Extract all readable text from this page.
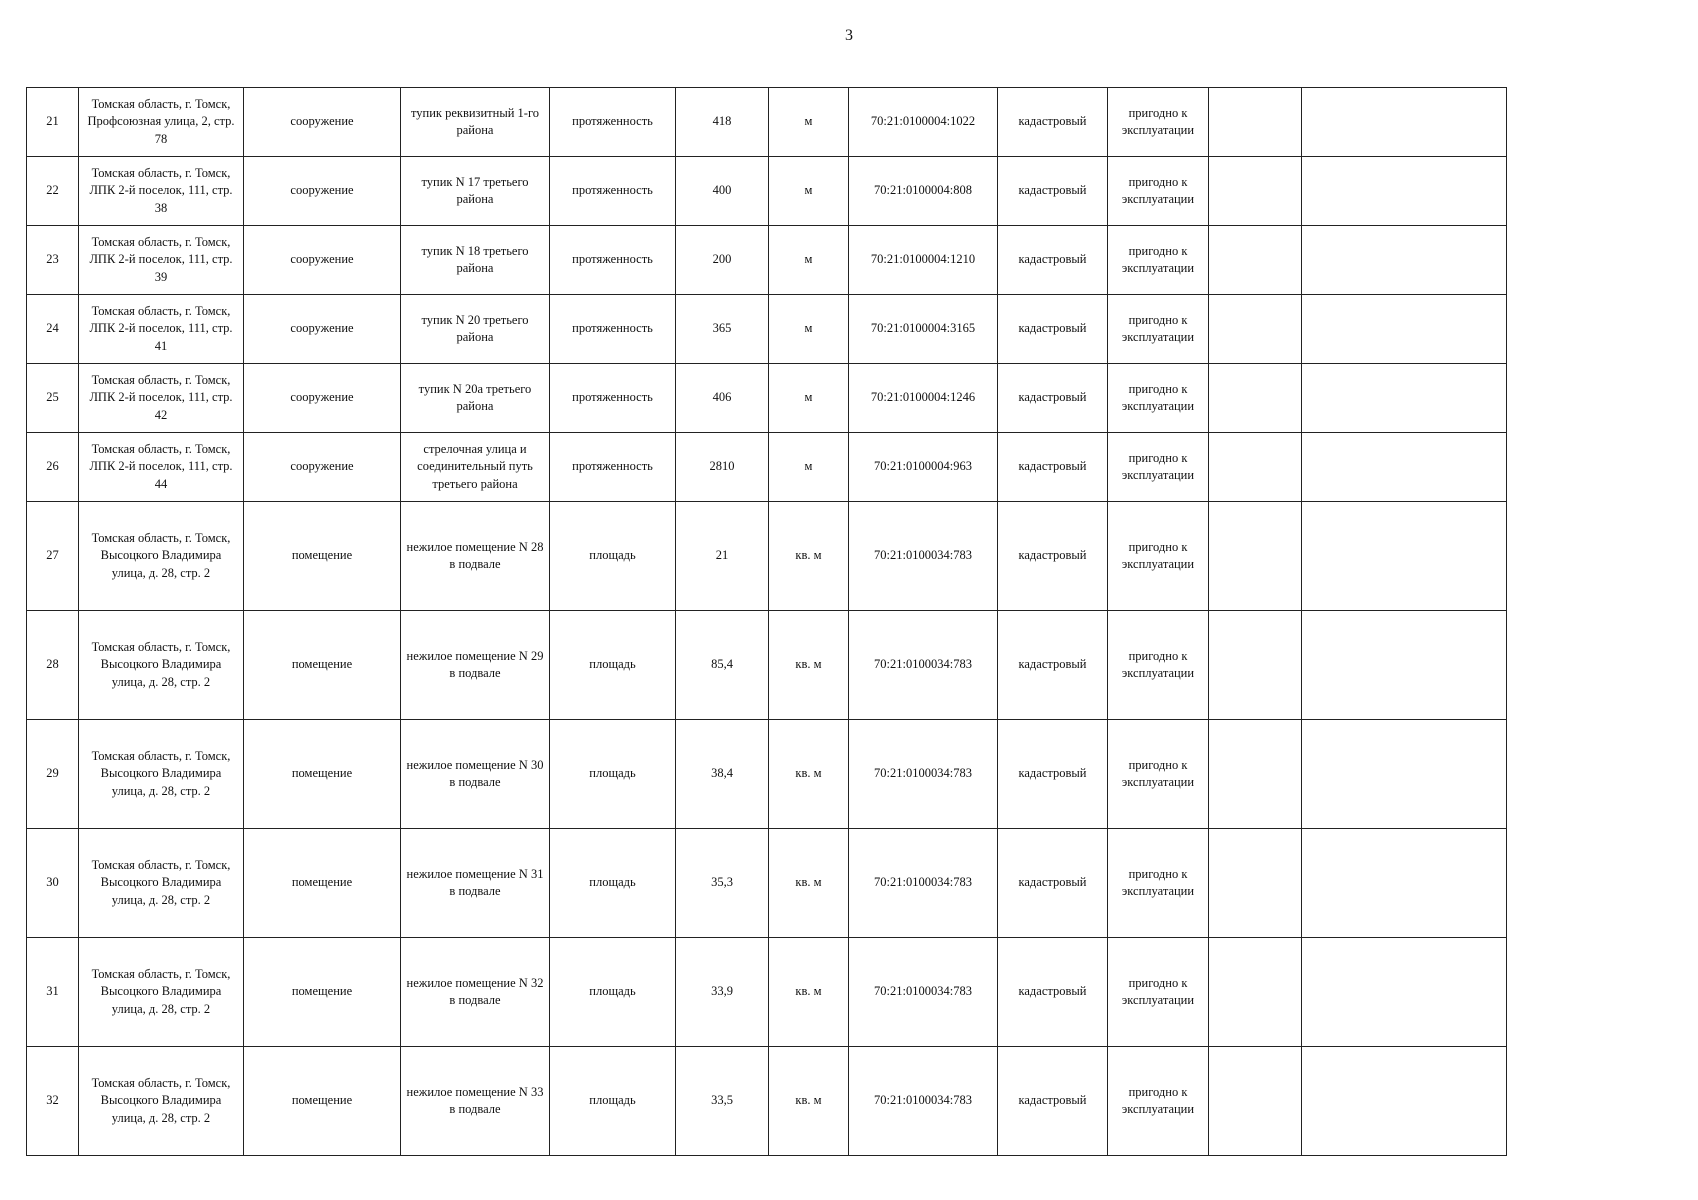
3
21	Томская область, г. Томск, Профсоюзная улица, 2, стр. 78	сооружение	тупик реквизитный 1-го района	протяженность	418	м	70:21:0100004:1022	кадастровый	пригодно к эксплуатации		
22	Томская область, г. Томск, ЛПК 2-й поселок, 111, стр. 38	сооружение	тупик N 17 третьего района	протяженность	400	м	70:21:0100004:808	кадастровый	пригодно к эксплуатации		
23	Томская область, г. Томск, ЛПК 2-й поселок, 111, стр. 39	сооружение	тупик N 18 третьего района	протяженность	200	м	70:21:0100004:1210	кадастровый	пригодно к эксплуатации		
24	Томская область, г. Томск, ЛПК 2-й поселок, 111, стр. 41	сооружение	тупик N 20 третьего района	протяженность	365	м	70:21:0100004:3165	кадастровый	пригодно к эксплуатации		
25	Томская область, г. Томск, ЛПК 2-й поселок, 111, стр. 42	сооружение	тупик N 20а третьего района	протяженность	406	м	70:21:0100004:1246	кадастровый	пригодно к эксплуатации		
26	Томская область, г. Томск, ЛПК 2-й поселок, 111, стр. 44	сооружение	стрелочная улица и соединительный путь третьего района	протяженность	2810	м	70:21:0100004:963	кадастровый	пригодно к эксплуатации		
27	Томская область, г. Томск, Высоцкого Владимира улица, д. 28, стр. 2	помещение	нежилое помещение N 28 в подвале	площадь	21	кв. м	70:21:0100034:783	кадастровый	пригодно к эксплуатации		
28	Томская область, г. Томск, Высоцкого Владимира улица, д. 28, стр. 2	помещение	нежилое помещение N 29 в подвале	площадь	85,4	кв. м	70:21:0100034:783	кадастровый	пригодно к эксплуатации		
29	Томская область, г. Томск, Высоцкого Владимира улица, д. 28, стр. 2	помещение	нежилое помещение N 30 в подвале	площадь	38,4	кв. м	70:21:0100034:783	кадастровый	пригодно к эксплуатации		
30	Томская область, г. Томск, Высоцкого Владимира улица, д. 28, стр. 2	помещение	нежилое помещение N 31 в подвале	площадь	35,3	кв. м	70:21:0100034:783	кадастровый	пригодно к эксплуатации		
31	Томская область, г. Томск, Высоцкого Владимира улица, д. 28, стр. 2	помещение	нежилое помещение N 32 в подвале	площадь	33,9	кв. м	70:21:0100034:783	кадастровый	пригодно к эксплуатации		
32	Томская область, г. Томск, Высоцкого Владимира улица, д. 28, стр. 2	помещение	нежилое помещение N 33 в подвале	площадь	33,5	кв. м	70:21:0100034:783	кадастровый	пригодно к эксплуатации		
